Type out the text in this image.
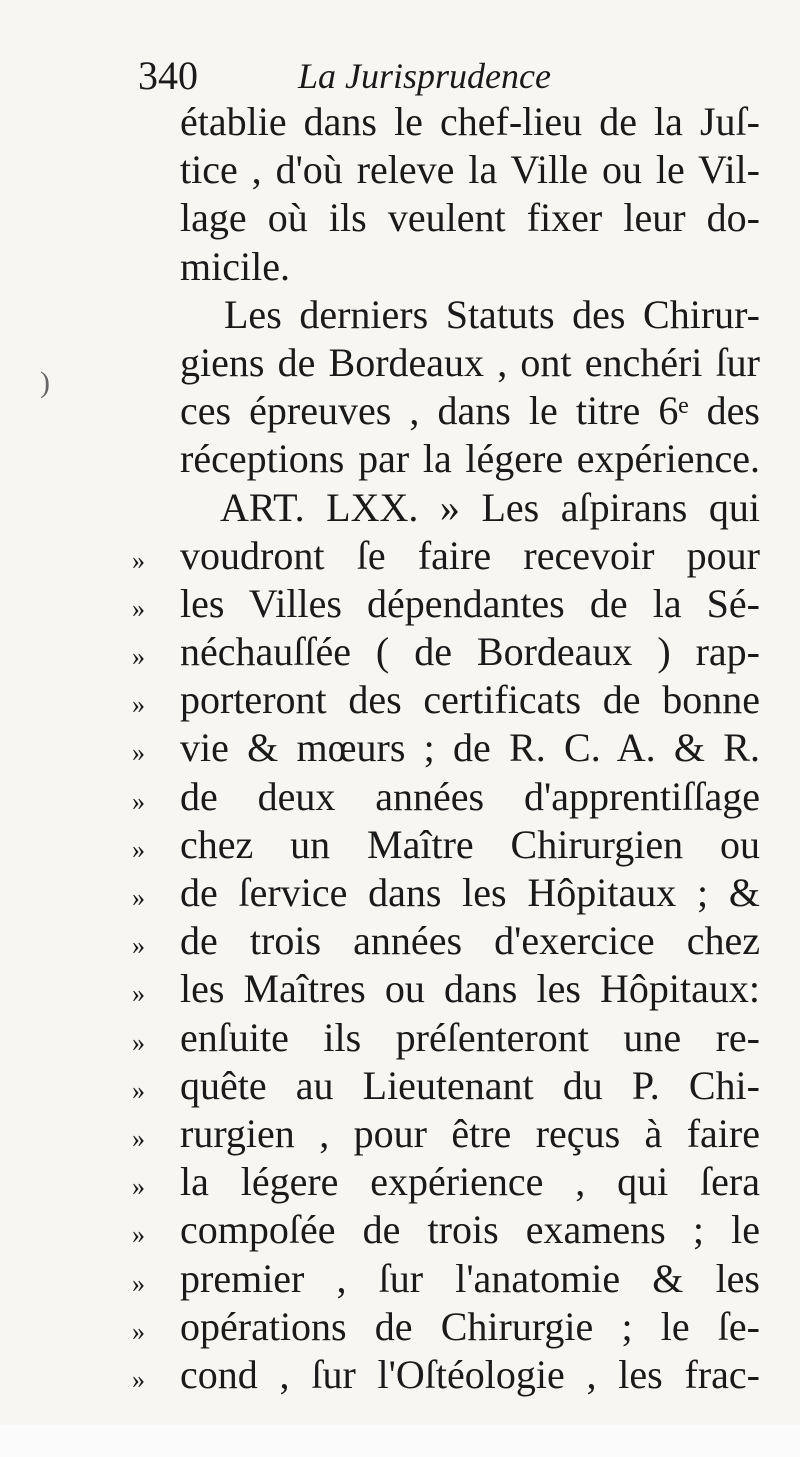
340	La Jurisprudence
)
établie dans le chef-lieu de la Juſ-
tice , d'où releve la Ville ou le Vil-
lage où ils veulent fixer leur do-
micile.
Les derniers Statuts des Chirur-
giens de Bordeaux , ont enchéri ſur
ces épreuves , dans le titre 6ᵉ des
réceptions par la légere expérience.
ART. LXX. » Les aſpirans qui
» voudront ſe faire recevoir pour
» les Villes dépendantes de la Sé-
» néchauſſée ( de Bordeaux ) rap-
» porteront des certificats de bonne
» vie & mœurs ; de R. C. A. & R.
» de deux années d'apprentiſſage
» chez un Maître Chirurgien ou
» de ſervice dans les Hôpitaux ; &
» de trois années d'exercice chez
» les Maîtres ou dans les Hôpitaux:
» enſuite ils préſenteront une re-
» quête au Lieutenant du P. Chi-
» rurgien , pour être reçus à faire
» la légere expérience , qui ſera
» compoſée de trois examens ; le
» premier , ſur l'anatomie & les
» opérations de Chirurgie ; le ſe-
» cond , ſur l'Oſtéologie , les frac-
